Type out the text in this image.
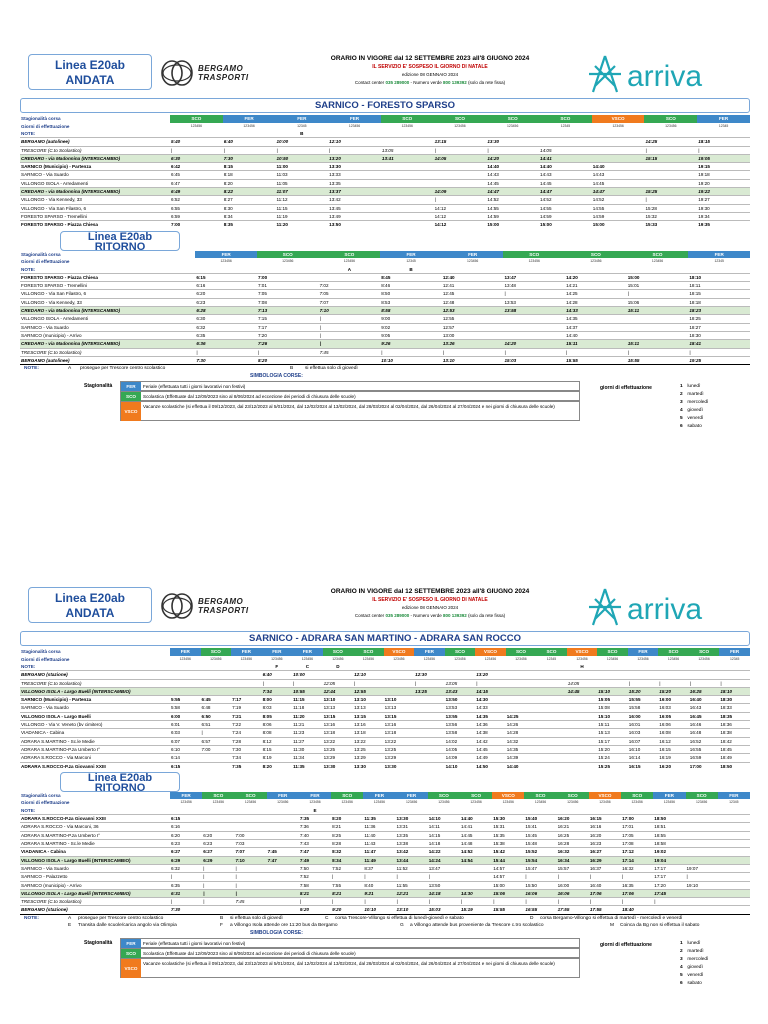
Linea E20ab
ANDATA
BERGAMO
TRASPORTI
ORARIO IN VIGORE dal 12 SETTEMBRE 2023 all'8 GIUGNO 2024
IL SERVIZIO E' SOSPESO IL GIORNO DI NATALE
edizione 08 GENNAIO 2024
Contact center 035 289000 - Numero verde 800 139392 (solo da rete fissa)	arriva
SARNICO - FORESTO SPARSO
Stagionalità corsa	SCO	FER	FER	FER	SCO	SCO	SCO	SCO	VSCO	SCO	FER
Giorni di effettuazione	123456	123456	12345	123456	123456	123456	123456	12345	123456	123456	12345
NOTE:			B								
BERGAMO (autolinee)	5:40	6:40	10:00	12:10		13:15	13:30			14:25	18:15
TRESCORE (C.to Scolastico)	|	|	|	|	13:05	|	|	14:05		|	|
CREDARO - via Madonnina (INTERSCAMBIO)	6:30	7:30	10:50	13:20	13:41	14:05	14:20	14:41		15:15	19:05
SARNICO (Municipio) - Partenza	6:42	8:15	11:00	13:30			14:40	14:40	14:40		19:15
SARNICO - Via Suardo	6:45	8:18	11:03	13:33			14:43	14:43	14:43		19:18
VILLONGO ISOLA - Arredamenti	6:47	8:20	11:05	13:35			14:45	14:45	14:45		19:20
CREDARO - via Madonnina (INTERSCAMBIO)	6:49	8:22	11:07	13:37		14:09	14:47	14:47	14:47	15:25	19:22
VILLONGO - Via Kennedy, 33	6:52	8:27	11:12	13:42		|	14:52	14:52	14:52	|	19:27
VILLONGO - Via San Filastro, 6	6:55	8:30	11:15	13:45		14:12	14:55	14:55	14:55	15:28	19:30
FORESTO SPARSO - Tremellini	6:59	8:34	11:19	13:49		14:12	14:59	14:59	14:59	15:32	19:34
FORESTO SPARSO - Piazza Chiesa	7:00	8:35	11:20	13:50		14:12	15:00	15:00	15:00	15:33	19:35
Linea E20ab
RITORNO
Stagionalità corsa	FER	SCO	SCO	FER	FER	SCO	SCO	SCO	FER
Giorni di effettuazione	123456	123456	123456	12345	123456	123456	123456	123456	12345
NOTE:			A	B					
FORESTO SPARSO - Piazza Chiesa	6:15	7:00		8:45	12:40	13:47	14:20	15:00	18:10
FORESTO SPARSO - Tremellini	6:16	7:01	7:02	8:46	12:41	13:48	14:21	15:01	18:11
VILLONGO - Via San Filastro, 6	6:20	7:05	7:05	8:50	12:45	|	14:25	|	18:15
VILLONGO - Via Kennedy, 33	6:23	7:08	7:07	8:53	12:48	13:53	14:28	15:06	18:18
CREDARO - via Madonnina (INTERSCAMBIO)	6:28	7:13	7:10	8:58	12:53	13:58	14:33	15:11	18:23
VILLONGO ISOLA - Arredamenti	6:30	7:15	|	9:00	12:55		14:35		18:25
SARNICO - Via Suardo	6:32	7:17	|	9:02	12:57		14:37		18:27
SARNICO (municipio) - Arrivo	6:35	7:20	|	9:05	13:00		14:40		18:30
CREDARO - via Madonnina (INTERSCAMBIO)	6:36	7:26	|	9:26	13:26	14:20	15:11	15:11	18:41
TRESCORE (C.to Scolastico)	|	|	7:45	|	|	|	|	|	|
BERGAMO (autolinee)	7:30	8:20		10:10	13:10	15:03	15:55	15:55	19:25
NOTE:	A prosegue per Trescore centro scolastico	B si effettua solo di giovedì
SIMBOLOGIA CORSE:
Stagionalità	FER Feriale (effettuata tutti i giorni lavorativi non festivi)
SCO Scolastica (Effettuate dal 12/09/2023 sino al 8/06/2024 ad eccezione dei periodi di chiusura delle scuole)
VSCOVacanze scolastiche (si effettua il 09/12/2023, dal 23/12/2023 al 5/01/2024, dal 12/02/2024 al 13/02/2024, dal 28/03/2024 al 02/04/2024, dal 26/04/2024 al 27/04/2024 e nei giorni di chiusura delle scuole)
giorni di effettuazione	1 lunedì
2 martedì
3 mercoledì
4 giovedì
5 venerdì
6 sabato
Linea E20ab
ANDATA
BERGAMO
TRASPORTI
ORARIO IN VIGORE dal 12 SETTEMBRE 2023 all'8 GIUGNO 2024
IL SERVIZIO E' SOSPESO IL GIORNO DI NATALE
edizione 08 GENNAIO 2024
Contact center 035 289000 - Numero verde 800 139392 (solo da rete fissa)	arriva
SARNICO - ADRARA SAN MARTINO - ADRARA SAN ROCCO
Stagionalità corsa	FER	SCO	FER	FER	FER	SCO	SCO	VSCO	FER	SCO	VSCO	SCO	SCO	VSCO	SCO	FER	SCO	SCO	FER
Giorni di effettuazione	123456	123456	123456	123456	123456	123456	123456	123456	123456	123456	123456	123456	12345	123456	123456	123456	123456	123456	12345
NOTE:				F	C	D								H					
BERGAMO (stazione)				6:40	10:00		12:10		12:30		13:20								
TRESCORE (C.to Scolastico)				|	|	12:05	|		|	13:05	|			14:05		|	|	|	|
VILLONGO ISOLA - Largo Buelli (INTERSCAMBIO)				7:34	10:55	12:44	12:55		13:25	13:43	14:15			14:45	15:10	15:20	15:20	16:25	18:10
SARNICO (Municipio) - Partenza	5:55	6:45	7:17	8:00	11:15	13:10	13:10	13:10		13:50	14:30				15:05	15:55	16:00	16:40	18:30
SARNICO - Via Suardo	5:58	6:48	7:19	8:03	11:18	13:13	13:13	13:13		13:53	14:33				15:08	15:58	16:03	16:43	18:33
VILLONGO ISOLA - Largo Buelli	6:00	6:50	7:21	8:05	11:20	13:15	13:15	13:15		13:55	14:35	14:25			15:10	16:00	16:05	16:45	18:35
VILLONGO - Via V. Veneto (bv cimitero)	6:01	6:51	7:22	8:06	11:21	13:16	13:16	13:16		13:56	14:36	14:26			15:11	16:01	16:06	16:46	18:36
VIADANICA - Cabina	6:03	|	7:24	8:08	11:23	13:18	13:18	13:18		13:58	14:38	14:28			15:13	16:03	16:08	16:48	18:38
ADRARA S.MARTINO - Sc.le Medie	6:07	6:57	7:28	8:12	11:27	13:22	13:22	13:22		14:02	14:42	14:32			15:17	16:07	16:12	16:52	18:42
ADRARA S.MARTINO-P.za Umberto I°	6:10	7:00	7:30	8:15	11:30	13:25	13:25	13:25		14:05	14:45	14:35			15:20	16:10	16:15	16:55	18:45
ADRARA S.ROCCO - Via Marconi	6:14		7:34	8:19	11:34	13:29	13:29	13:29		14:09	14:49	14:39			15:24	16:14	16:19	16:59	18:49
ADRARA S.ROCCO-P.za Giovanni XXIII	6:15		7:35	8:20	11:35	13:30	13:30	13:30		14:10	14:50	14:40			15:25	16:15	16:20	17:00	18:50
Linea E20ab
RITORNO
Stagionalità corsa	FER	SCO	SCO	FER	FER	SCO	FER	FER	SCO	SCO	VSCO	SCO	SCO	VSCO	SCO	FER	SCO	FER
Giorni di effettuazione	123456	123456	123456	123456	123456	123456	123456	123456	123456	123456	123456	123456	123456	123456	123456	123456	123456	12345
NOTE:					E													
ADRARA S.ROCCO-P.za Giovanni XXIII	6:15				7:35	8:20	11:35	13:30	14:10	14:40	15:30	15:40	16:20	16:15	17:00	18:50		
ADRARA S.ROCCO - Via Marconi, 36	6:16				7:36	8:21	11:36	13:31	14:11	14:41	15:31	15:41	16:21	16:16	17:01	18:51		
ADRARA S.MARTINO-P.za Umberto I°	6:20	6:20	7:00		7:40	8:25	11:40	13:35	14:15	14:45	15:35	15:45	16:25	16:20	17:05	18:55		
ADRARA S.MARTINO - Sc.le Medie	6:23	6:23	7:03		7:43	8:28	11:43	13:38	14:18	14:48	15:38	15:48	16:28	16:23	17:08	18:58		
VIADANICA - Cabina	6:27	6:27	7:07	7:45	7:47	8:32	11:47	13:42	14:22	14:52	15:42	15:52	16:32	16:27	17:12	19:02		
VILLONGO ISOLA - Largo Buelli (INTERSCAMBIO)	6:29	6:29	7:10	7:47	7:49	8:34	11:49	13:44	14:24	14:54	15:44	15:54	16:34	16:29	17:14	19:04		
SARNICO - Via Suardo	6:32	|	|		7:50	7:52	8:37	11:52	13:47		14:57	15:47	15:57	16:37	16:32	17:17	19:07	
SARNICO - Palazzetto	|	|	|		7:52	|	|	|	|		14:57	|	|	|	|	17:17	|	
SARNICO (municipio) - Arrivo	6:35	|	|		7:58	7:55	8:40	11:55	13:50		15:00	15:50	16:00	16:40	16:35	17:20	19:10	
VILLONGO ISOLA - Largo Buelli (INTERSCAMBIO)	6:31	|	|		8:21	8:21	9:21	12:21	14:18	14:30	15:06	16:06	16:06	17:06	17:06	17:45		
TRESCORE (C.to Scolastico)	|	|	7:45		|	|	|	|	|	|	|	|	|	|	|	|		
BERGAMO (stazione)	7:30				9:20	9:20	10:10	13:10	15:03	15:19	15:55	16:55	17:55	17:55	18:40			
NOTE:	A prosegue per Trescore centro scolastico	B si effettua solo di giovedì	C corsa Trescore-Villongo si effettua di lunedì-giovedì e sabato	D corsa Bergamo-Villongo si effettua di martedì - mercoledì e venerdì
E Transita dalle scuole/carica angolo via Olimpia	F a Villongo Isola attende ore 11:20 bus da Bergamo	G a Villongo attende bus proveniente da Trescore c.tro scolastico	M Coinca da Bg non si effettua il sabato
SIMBOLOGIA CORSE:
Stagionalità	FER Feriale (effettuata tutti i giorni lavorativi non festivi)
SCO Scolastica (Effettuate dal 12/09/2023 sino al 8/06/2024 ad eccezione dei periodi di chiusura delle scuole)
VSCOVacanze scolastiche (si effettua il 09/12/2023, dal 23/12/2023 al 5/01/2024, dal 12/02/2024 al 13/02/2024, dal 28/03/2024 al 02/04/2024, dal 26/04/2024 al 27/04/2024 e nei giorni di chiusura delle scuole)
giorni di effettuazione	1 lunedì
2 martedì
3 mercoledì
4 giovedì
5 venerdì
6 sabato
